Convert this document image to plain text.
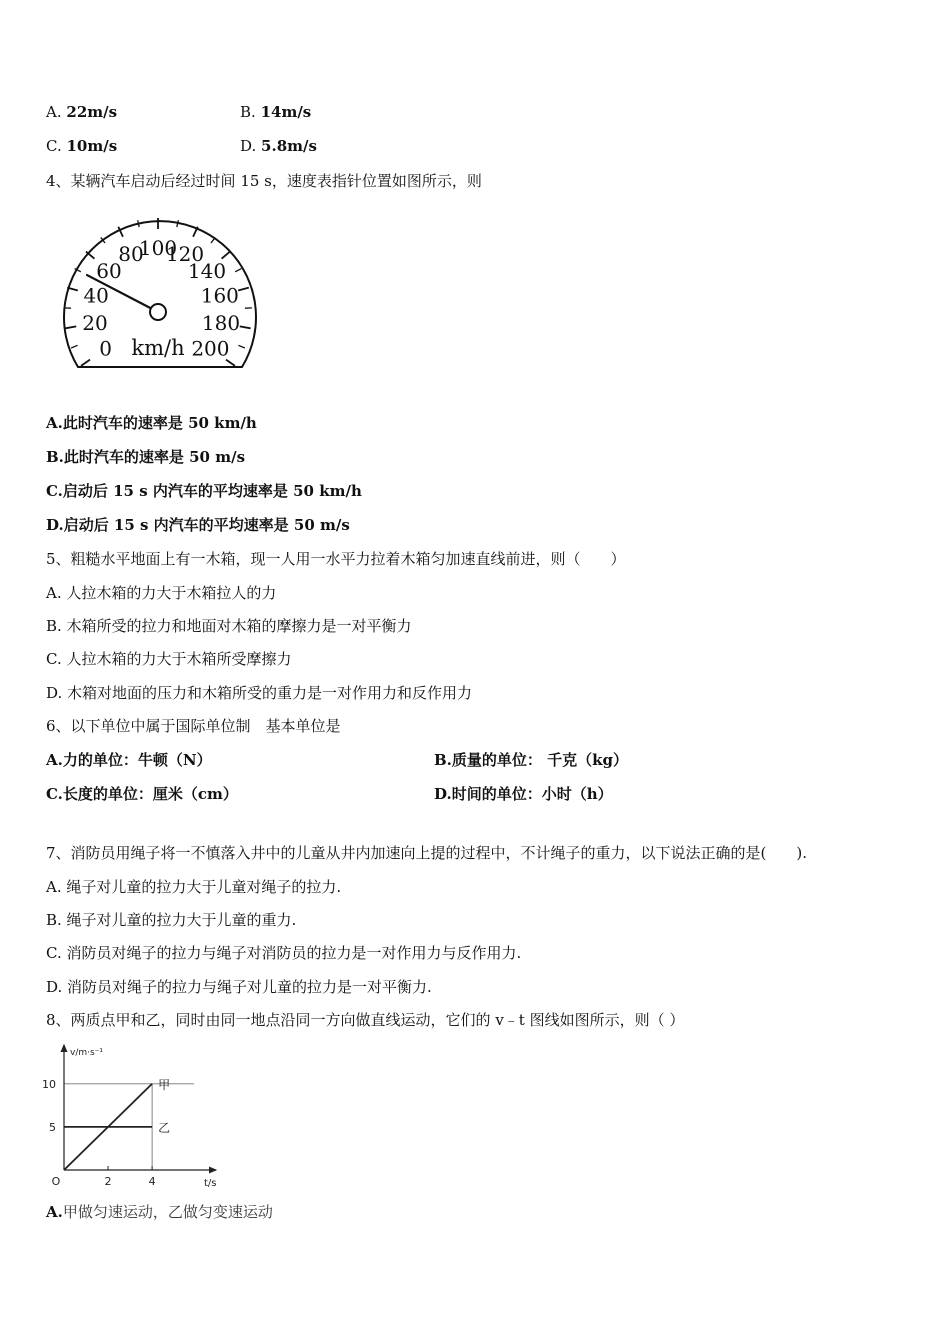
A. 22m/s	B. 14m/s
C. 10m/s	D. 5.8m/s
4、某辆汽车启动后经过时间 15 s，速度表指针位置如图所示，则
0
20
40
60
80
100
120
140
160
180
200
km/h
A.此时汽车的速率是 50 km/h
B.此时汽车的速率是 50 m/s
C.启动后 15 s 内汽车的平均速率是 50 km/h
D.启动后 15 s 内汽车的平均速率是 50 m/s
5、粗糙水平地面上有一木箱，现一人用一水平力拉着木箱匀加速直线前进，则（　　）
A. 人拉木箱的力大于木箱拉人的力
B. 木箱所受的拉力和地面对木箱的摩擦力是一对平衡力
C. 人拉木箱的力大于木箱所受摩擦力
D. 木箱对地面的压力和木箱所受的重力是一对作用力和反作用力
6、以下单位中属于国际单位制　基本单位是
A.力的单位：牛顿（N）	B.质量的单位： 千克（kg）
C.长度的单位：厘米（cm）	D.时间的单位：小时（h）
7、消防员用绳子将一不慎落入井中的儿童从井内加速向上提的过程中，不计绳子的重力，以下说法正确的是(　　).
A. 绳子对儿童的拉力大于儿童对绳子的拉力.
B. 绳子对儿童的拉力大于儿童的重力.
C. 消防员对绳子的拉力与绳子对消防员的拉力是一对作用力与反作用力.
D. 消防员对绳子的拉力与绳子对儿童的拉力是一对平衡力.
8、两质点甲和乙，同时由同一地点沿同一方向做直线运动，它们的 v﹣t 图线如图所示，则（ ）
甲
乙
2	4
5
10
v/m·s⁻¹
t/s
O
A.甲做匀速运动，乙做匀变速运动
